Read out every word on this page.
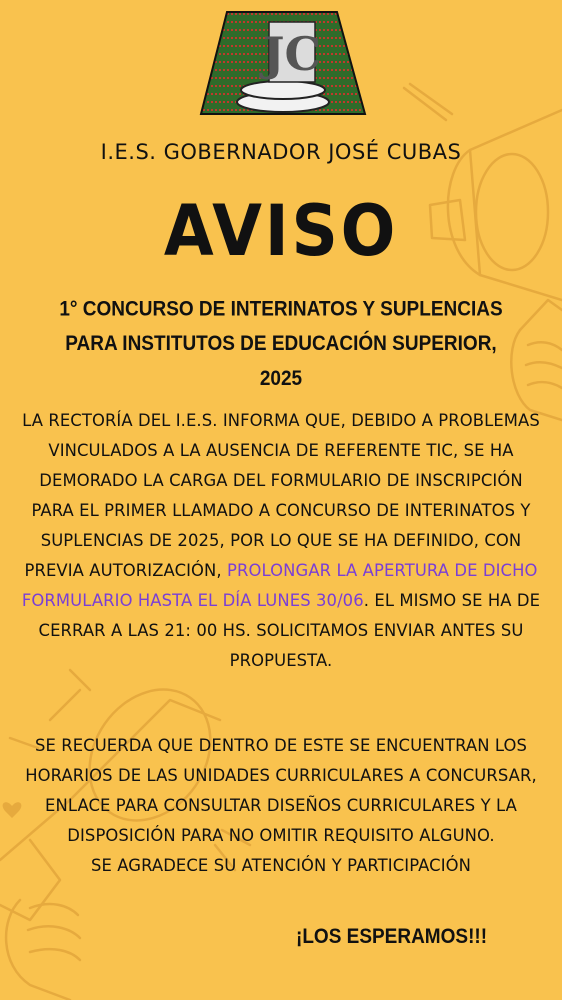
JC
I.E.S. GOBERNADOR JOSÉ CUBAS
AVISO
1° CONCURSO DE INTERINATOS Y SUPLENCIAS
PARA INSTITUTOS DE EDUCACIÓN SUPERIOR,
2025
LA RECTORÍA DEL I.E.S. INFORMA QUE, DEBIDO A PROBLEMAS VINCULADOS A LA AUSENCIA DE REFERENTE TIC, SE HA DEMORADO LA CARGA DEL FORMULARIO DE INSCRIPCIÓN PARA EL PRIMER LLAMADO A CONCURSO DE INTERINATOS Y SUPLENCIAS DE 2025, POR LO QUE SE HA DEFINIDO, CON PREVIA AUTORIZACIÓN, PROLONGAR LA APERTURA DE DICHO FORMULARIO HASTA EL DÍA LUNES 30/06. EL MISMO SE HA DE CERRAR A LAS 21: 00 HS. SOLICITAMOS ENVIAR ANTES SU PROPUESTA.
SE RECUERDA QUE DENTRO DE ESTE SE ENCUENTRAN LOS HORARIOS DE LAS UNIDADES CURRICULARES A CONCURSAR, ENLACE PARA CONSULTAR DISEÑOS CURRICULARES Y LA DISPOSICIÓN PARA NO OMITIR REQUISITO ALGUNO.
SE AGRADECE SU ATENCIÓN Y PARTICIPACIÓN
¡LOS ESPERAMOS!!!
